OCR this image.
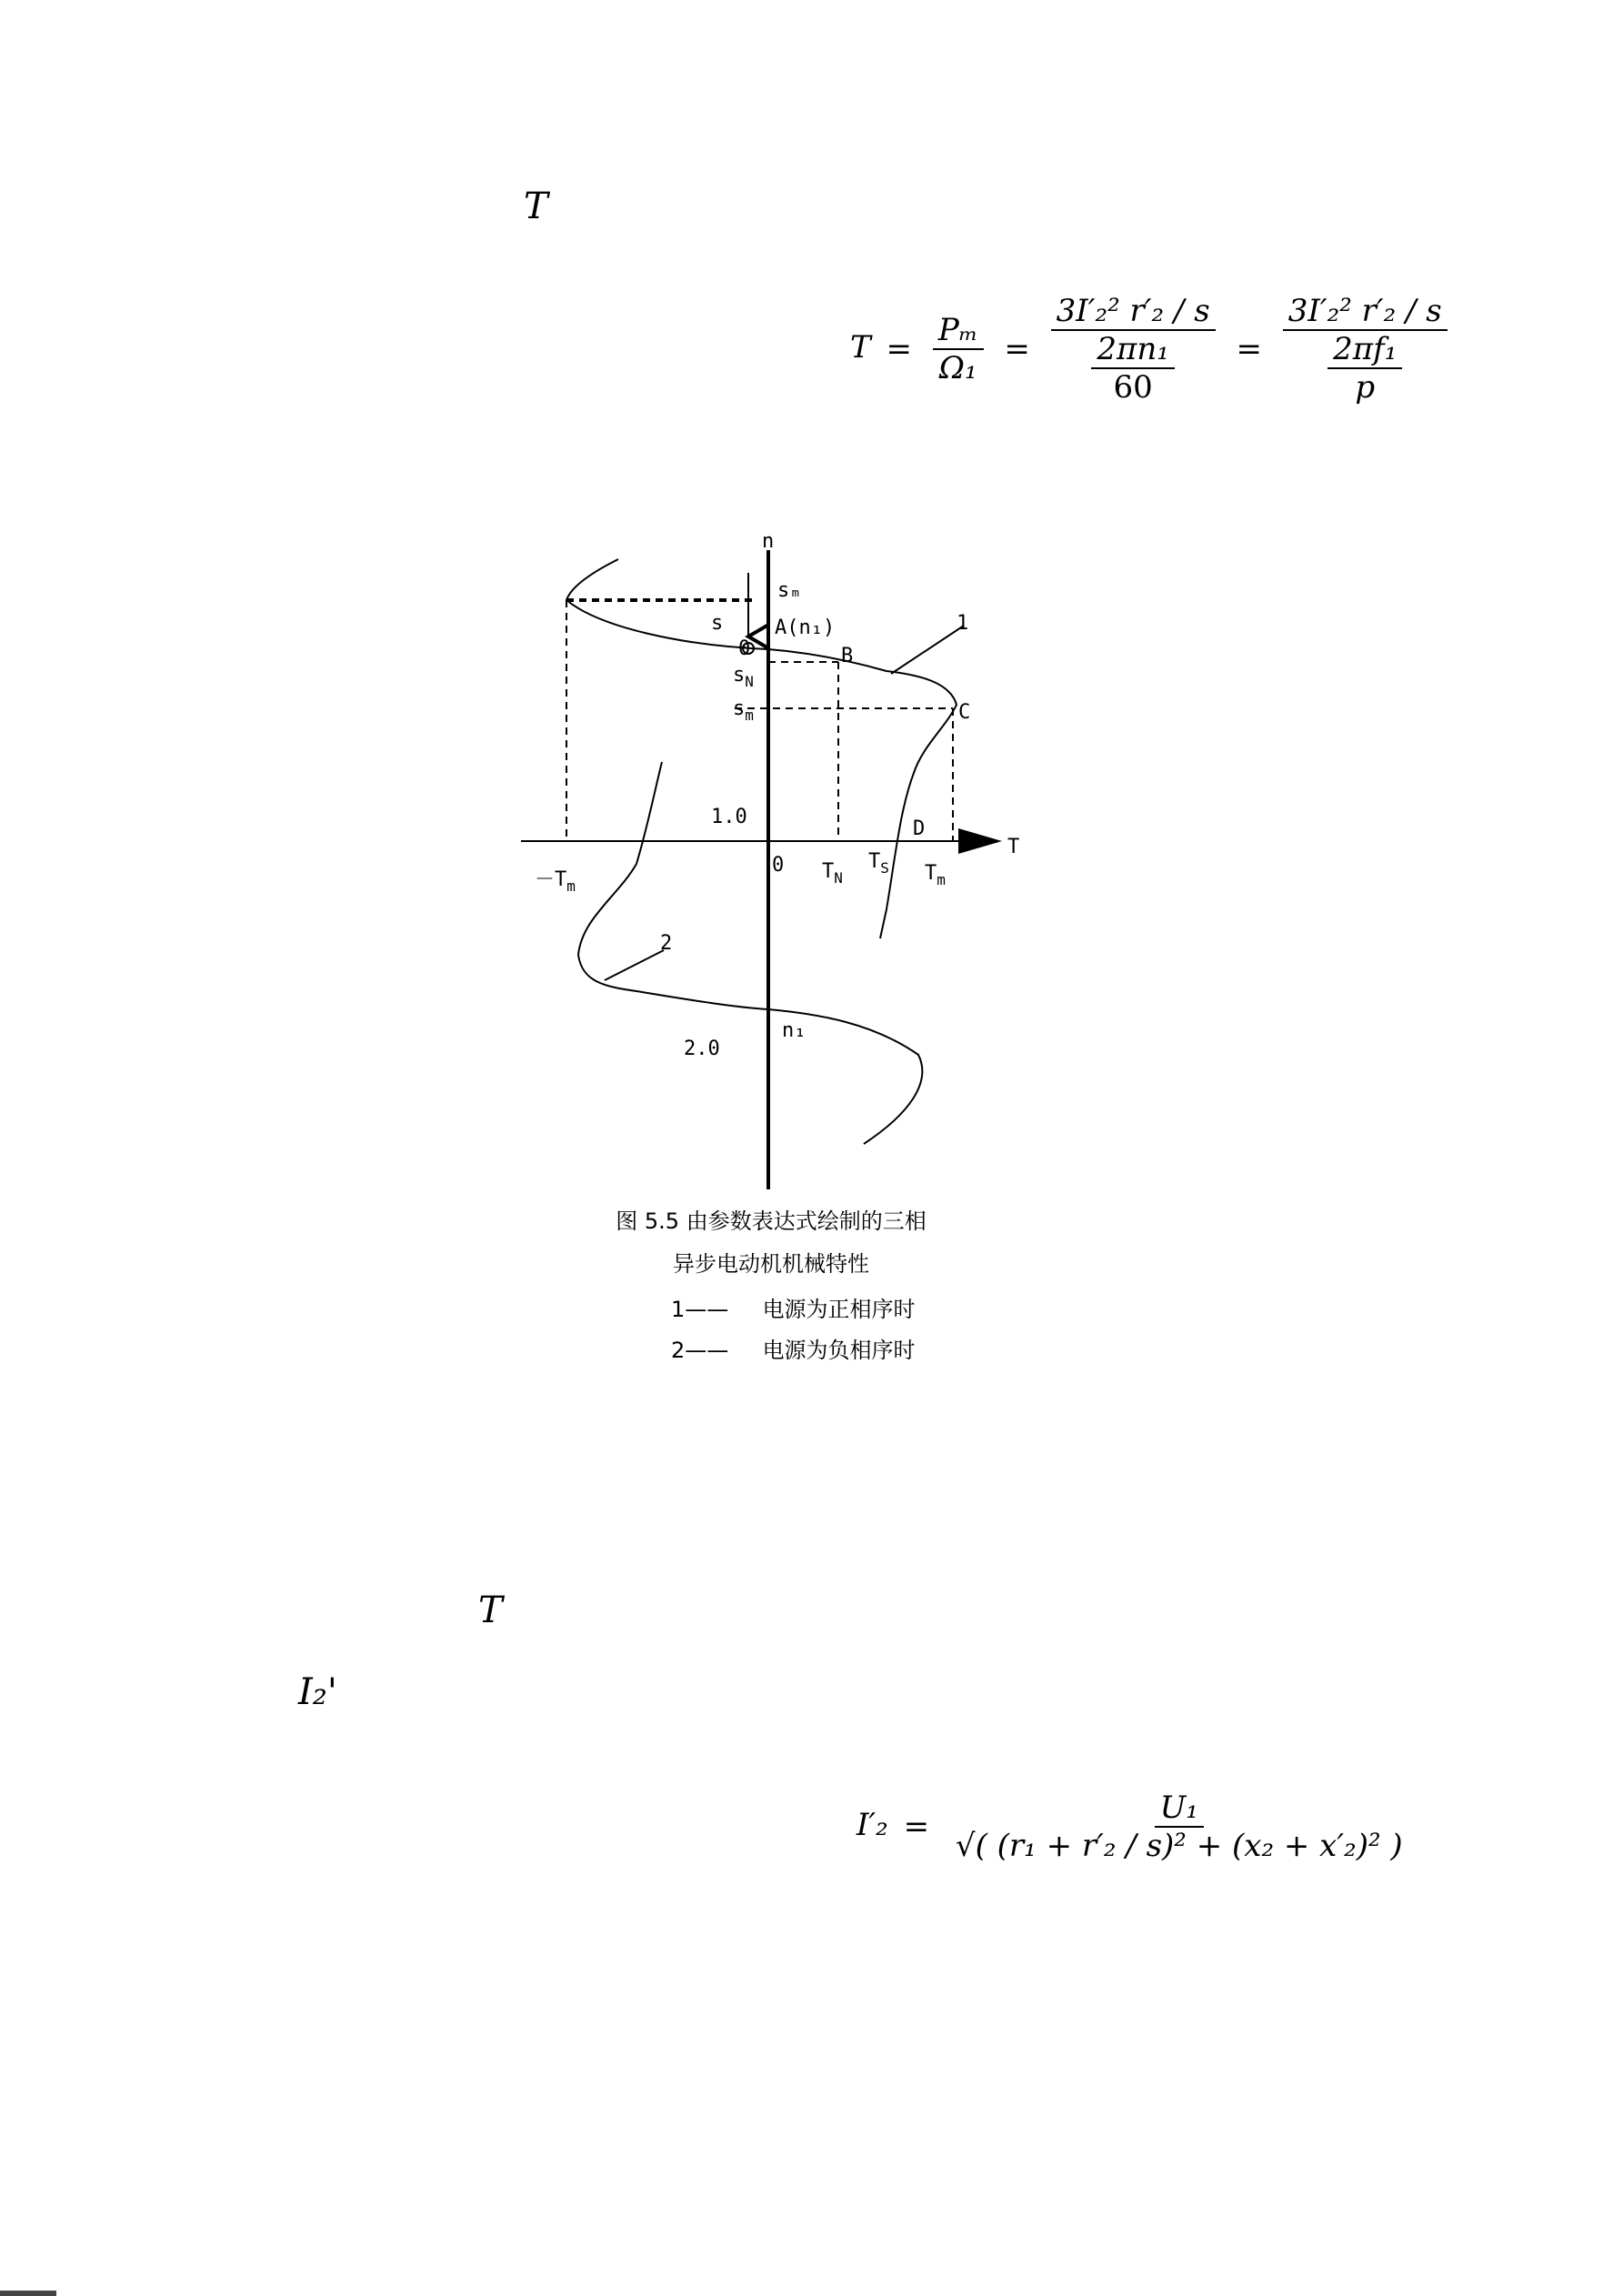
T
$T = \frac{\text{Pₘ}}{\text{Ω₁}} = \frac{\text{3I′₂² r′₂ / s}}{\frac{\text{2πn₁}}{60}} = \frac{\text{3I′₂² r′₂ / s}}{\frac{\text{2πf₁}}{p}}$
n
T
sₘ
s	A(n₁)
0	B
$s_N$
$s_m$	C
1
1.0
D
0 $T_N$
$T_S$ $T_m$
$-T_m$
2
n₁
2.0
图 5.5 由参数表达式绘制的三相
异步电动机机械特性
1—— 电源为正相序时
2—— 电源为负相序时
T
I₂'
$I'_2 = \frac{\text{U₁}}{\text{√( (r₁ + r′₂ / s)² + (x₂ + x′₂)² )}}$
